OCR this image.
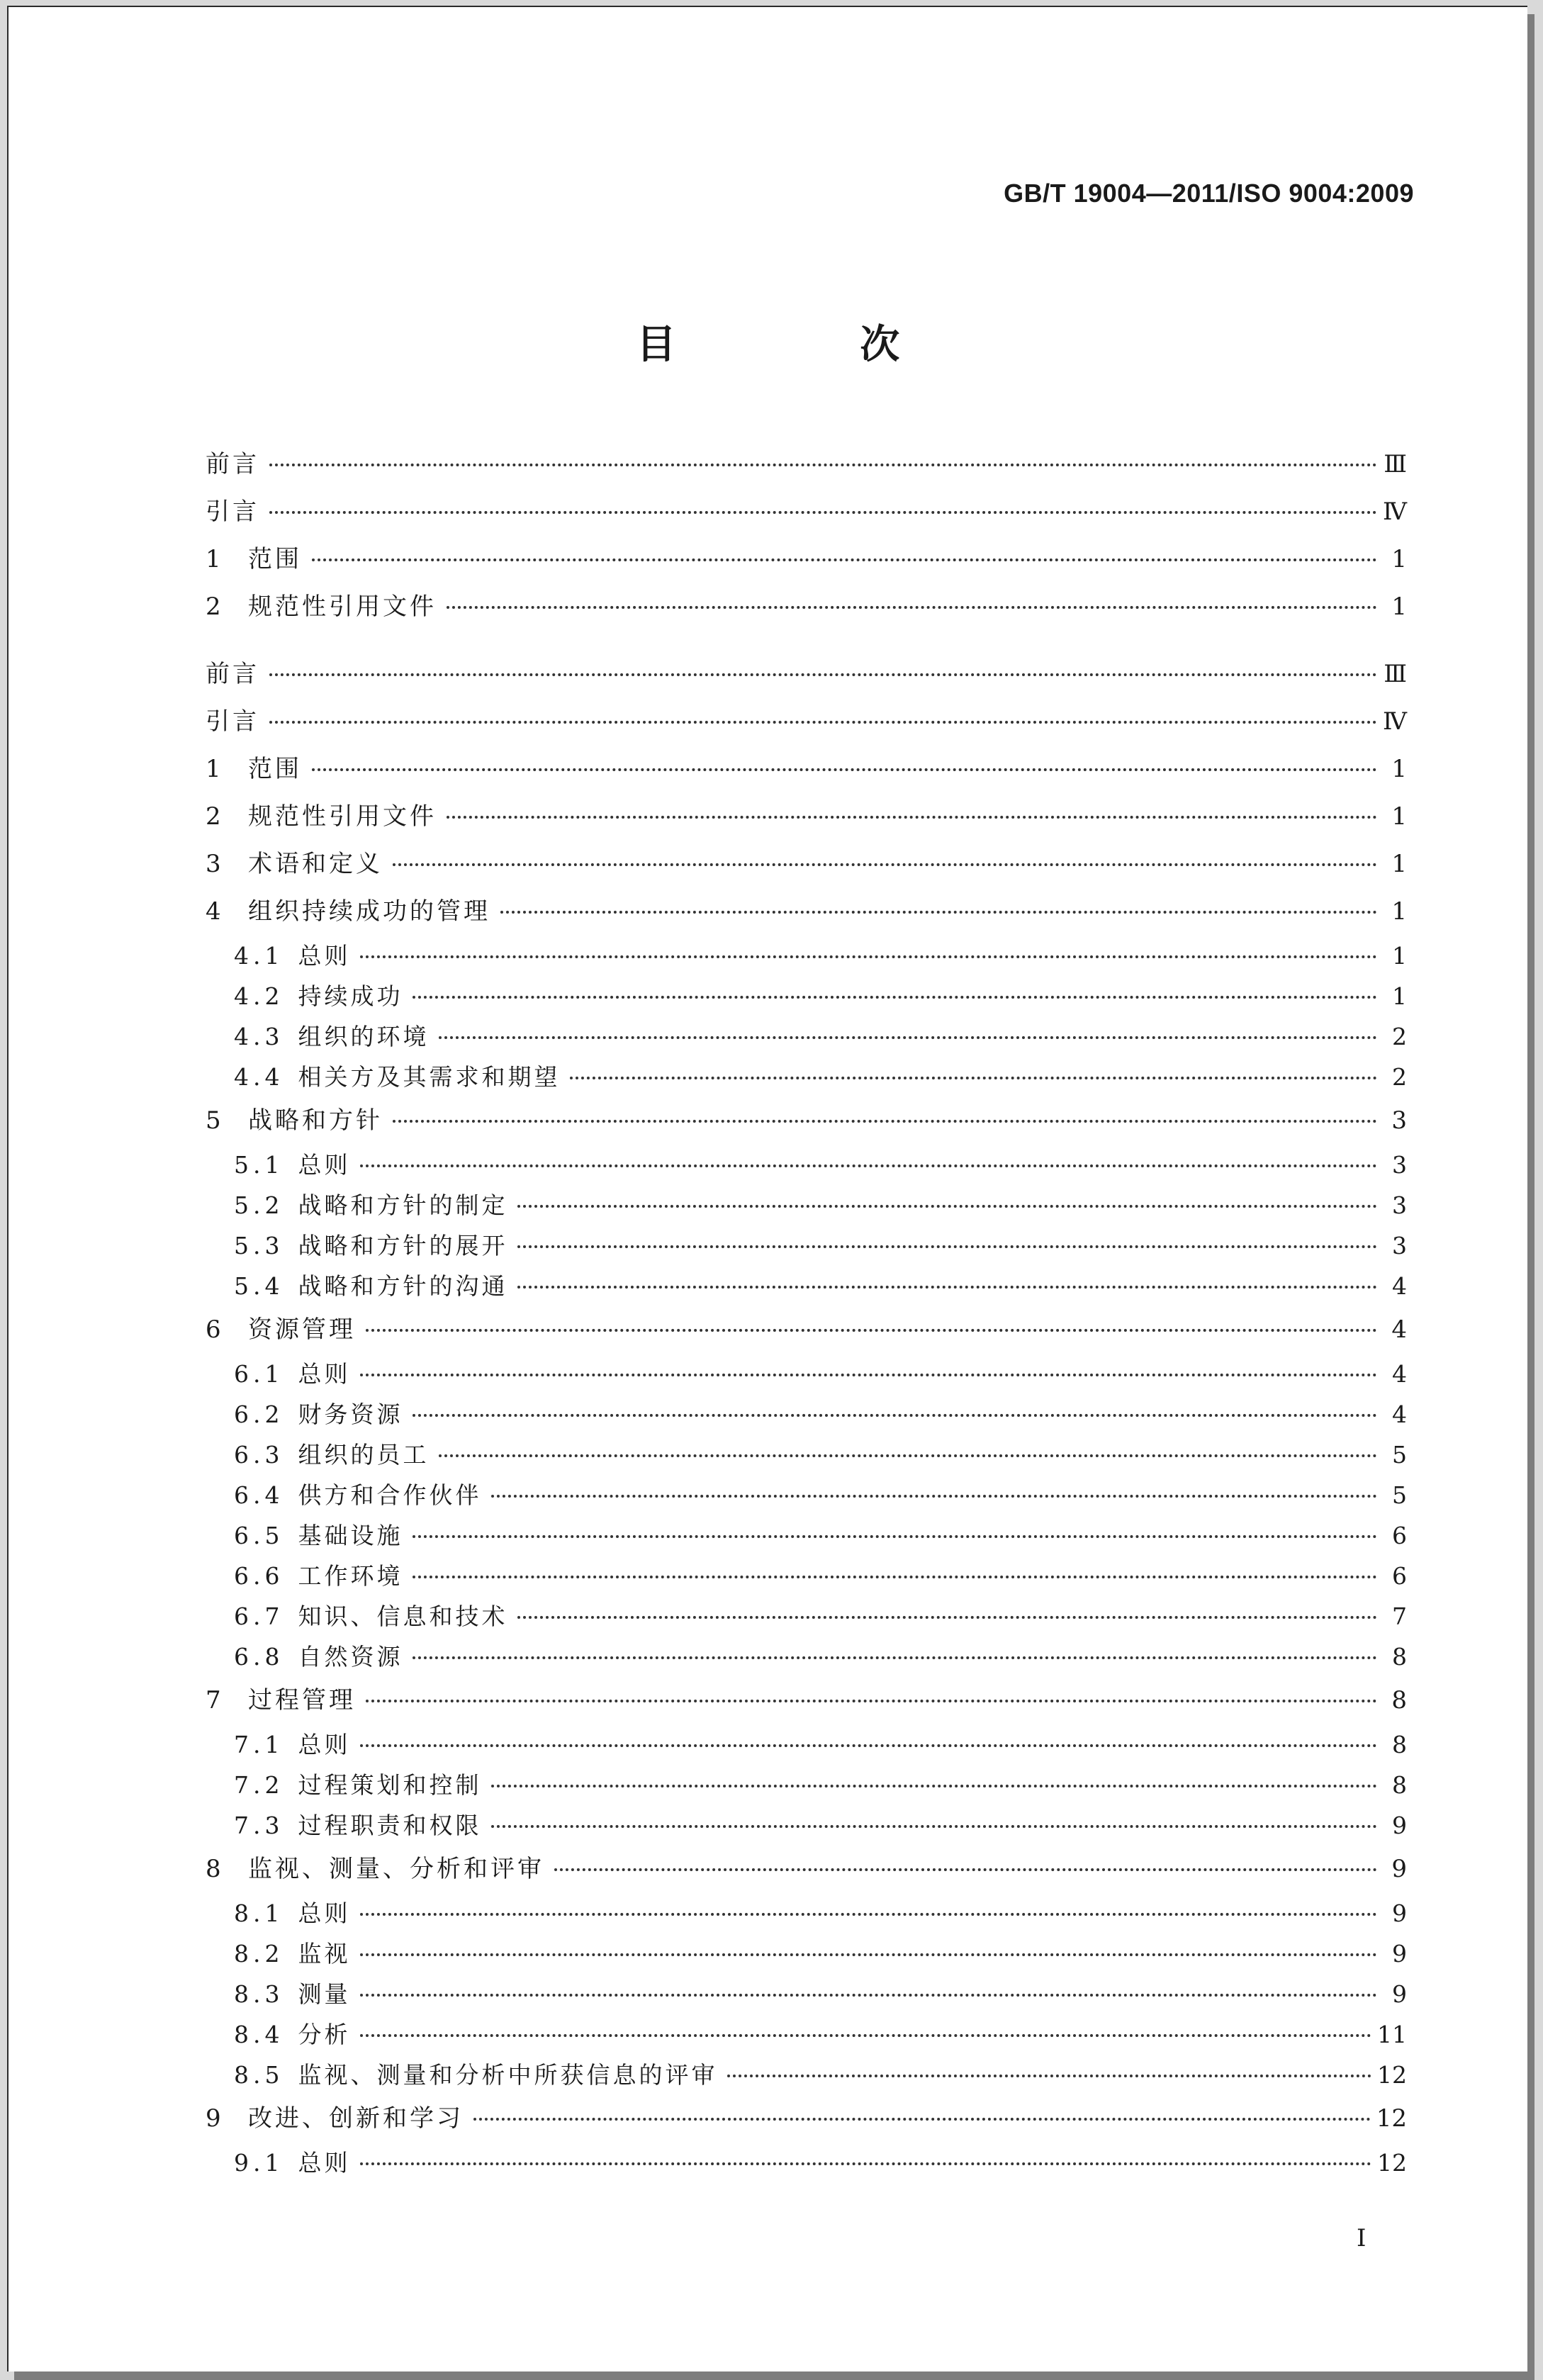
GB/T 19004—2011/ISO 9004:2009
目 次
前言	Ⅲ
引言	Ⅳ
1	范围	1
2	规范性引用文件	1
前言	Ⅲ
引言	Ⅳ
1	范围	1
2	规范性引用文件	1
3	术语和定义	1
4	组织持续成功的管理	1
4.1 总则	1
4.2 持续成功	1
4.3 组织的环境	2
4.4 相关方及其需求和期望	2
5	战略和方针	3
5.1 总则	3
5.2 战略和方针的制定	3
5.3 战略和方针的展开	3
5.4 战略和方针的沟通	4
6	资源管理	4
6.1 总则	4
6.2 财务资源	4
6.3 组织的员工	5
6.4 供方和合作伙伴	5
6.5 基础设施	6
6.6 工作环境	6
6.7 知识、信息和技术	7
6.8 自然资源	8
7	过程管理	8
7.1 总则	8
7.2 过程策划和控制	8
7.3 过程职责和权限	9
8	监视、测量、分析和评审	9
8.1 总则	9
8.2 监视	9
8.3 测量	9
8.4 分析	11
8.5 监视、测量和分析中所获信息的评审	12
9	改进、创新和学习	12
9.1 总则	12
I
